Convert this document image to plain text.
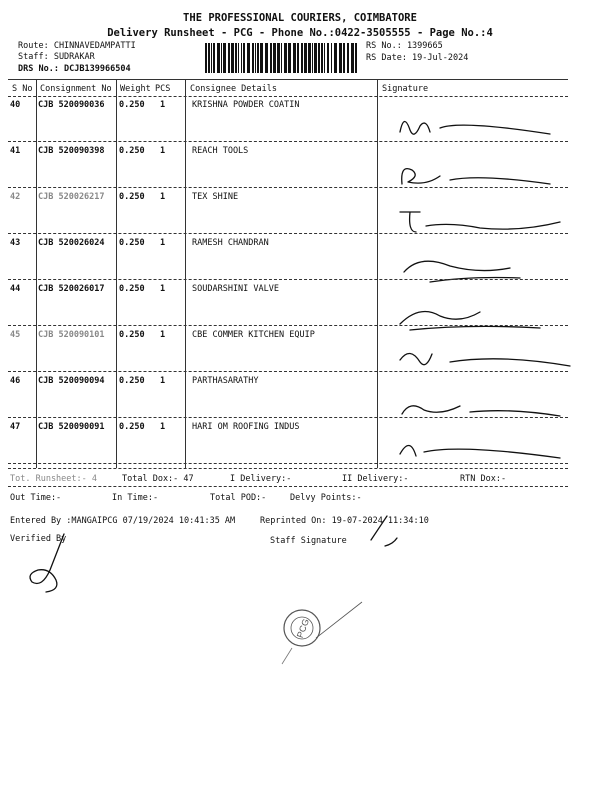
THE PROFESSIONAL COURIERS, COIMBATORE
Delivery Runsheet - PCG - Phone No.:0422-3505555 - Page No.:4
Route: CHINNAVEDAMPATTI
Staff: SUDRAKAR
DRS No.: DCJB139966504
RS No.: 1399665
RS Date: 19-Jul-2024
S No Consignment No Weight PCS Consignee Details	Signature
40 CJB 520090036 0.250 1	KRISHNA POWDER COATIN
41 CJB 520090398 0.250 1	REACH TOOLS
42 CJB 520026217 0.250 1	TEX SHINE
43 CJB 520026024 0.250 1	RAMESH CHANDRAN
44 CJB 520026017 0.250 1	SOUDARSHINI VALVE
45 CJB 520090101 0.250 1	CBE COMMER KITCHEN EQUIP
46 CJB 520090094 0.250 1	PARTHASARATHY
47 CJB 520090091 0.250 1	HARI OM ROOFING INDUS
Tot. Runsheet:- 4	Total Dox:- 47	I Delivery:-	II Delivery:-	RTN Dox:-
Out Time:-	In Time:-	Total POD:-	Delvy Points:-
Entered By :MANGAIPCG 07/19/2024 10:41:35 AM	Reprinted On: 19-07-2024 11:34:10
Verified By	Staff Signature
PCG
